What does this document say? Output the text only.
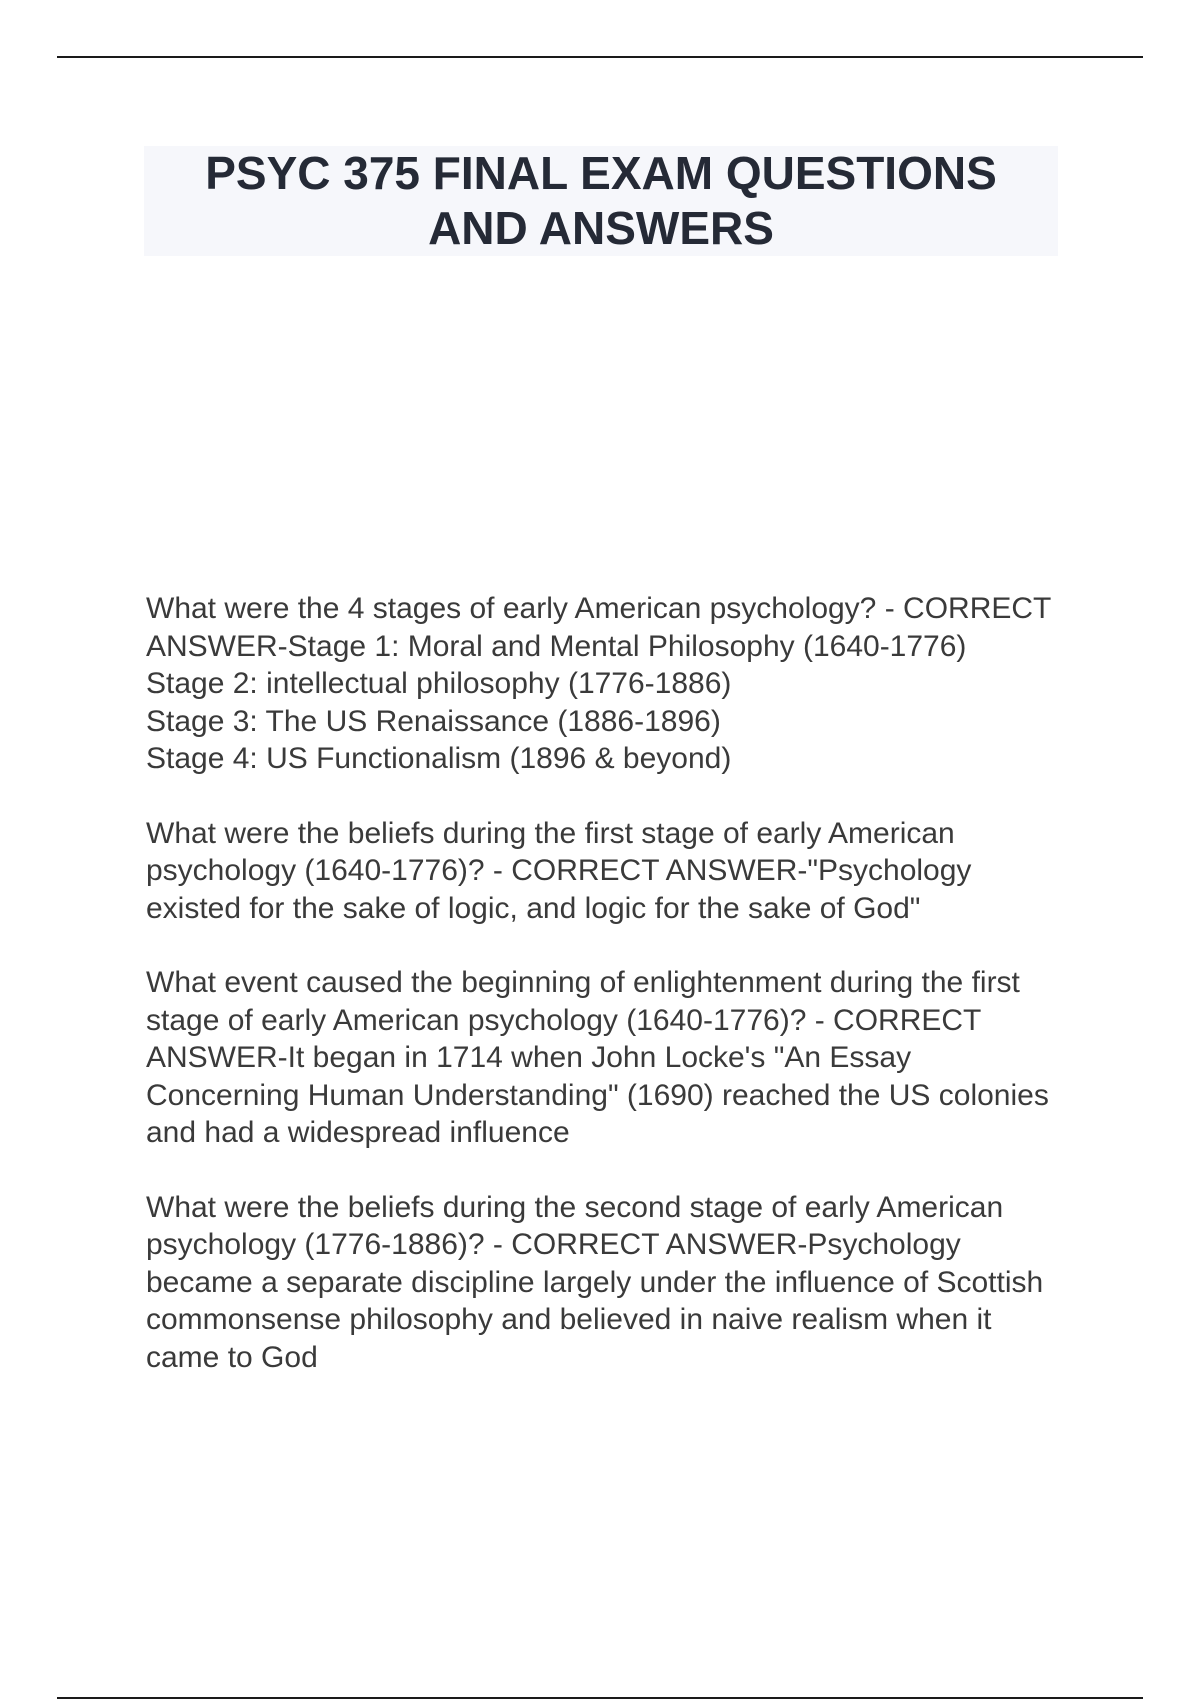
PSYC 375 FINAL EXAM QUESTIONS AND ANSWERS

What were the 4 stages of early American psychology? - CORRECT ANSWER-Stage 1: Moral and Mental Philosophy (1640-1776)
Stage 2: intellectual philosophy (1776-1886)
Stage 3: The US Renaissance (1886-1896)
Stage 4: US Functionalism (1896 & beyond)

What were the beliefs during the first stage of early American psychology (1640-1776)? - CORRECT ANSWER-"Psychology existed for the sake of logic, and logic for the sake of God"

What event caused the beginning of enlightenment during the first stage of early American psychology (1640-1776)? - CORRECT ANSWER-It began in 1714 when John Locke's "An Essay Concerning Human Understanding" (1690) reached the US colonies and had a widespread influence

What were the beliefs during the second stage of early American psychology (1776-1886)? - CORRECT ANSWER-Psychology became a separate discipline largely under the influence of Scottish commonsense philosophy and believed in naive realism when it came to God
